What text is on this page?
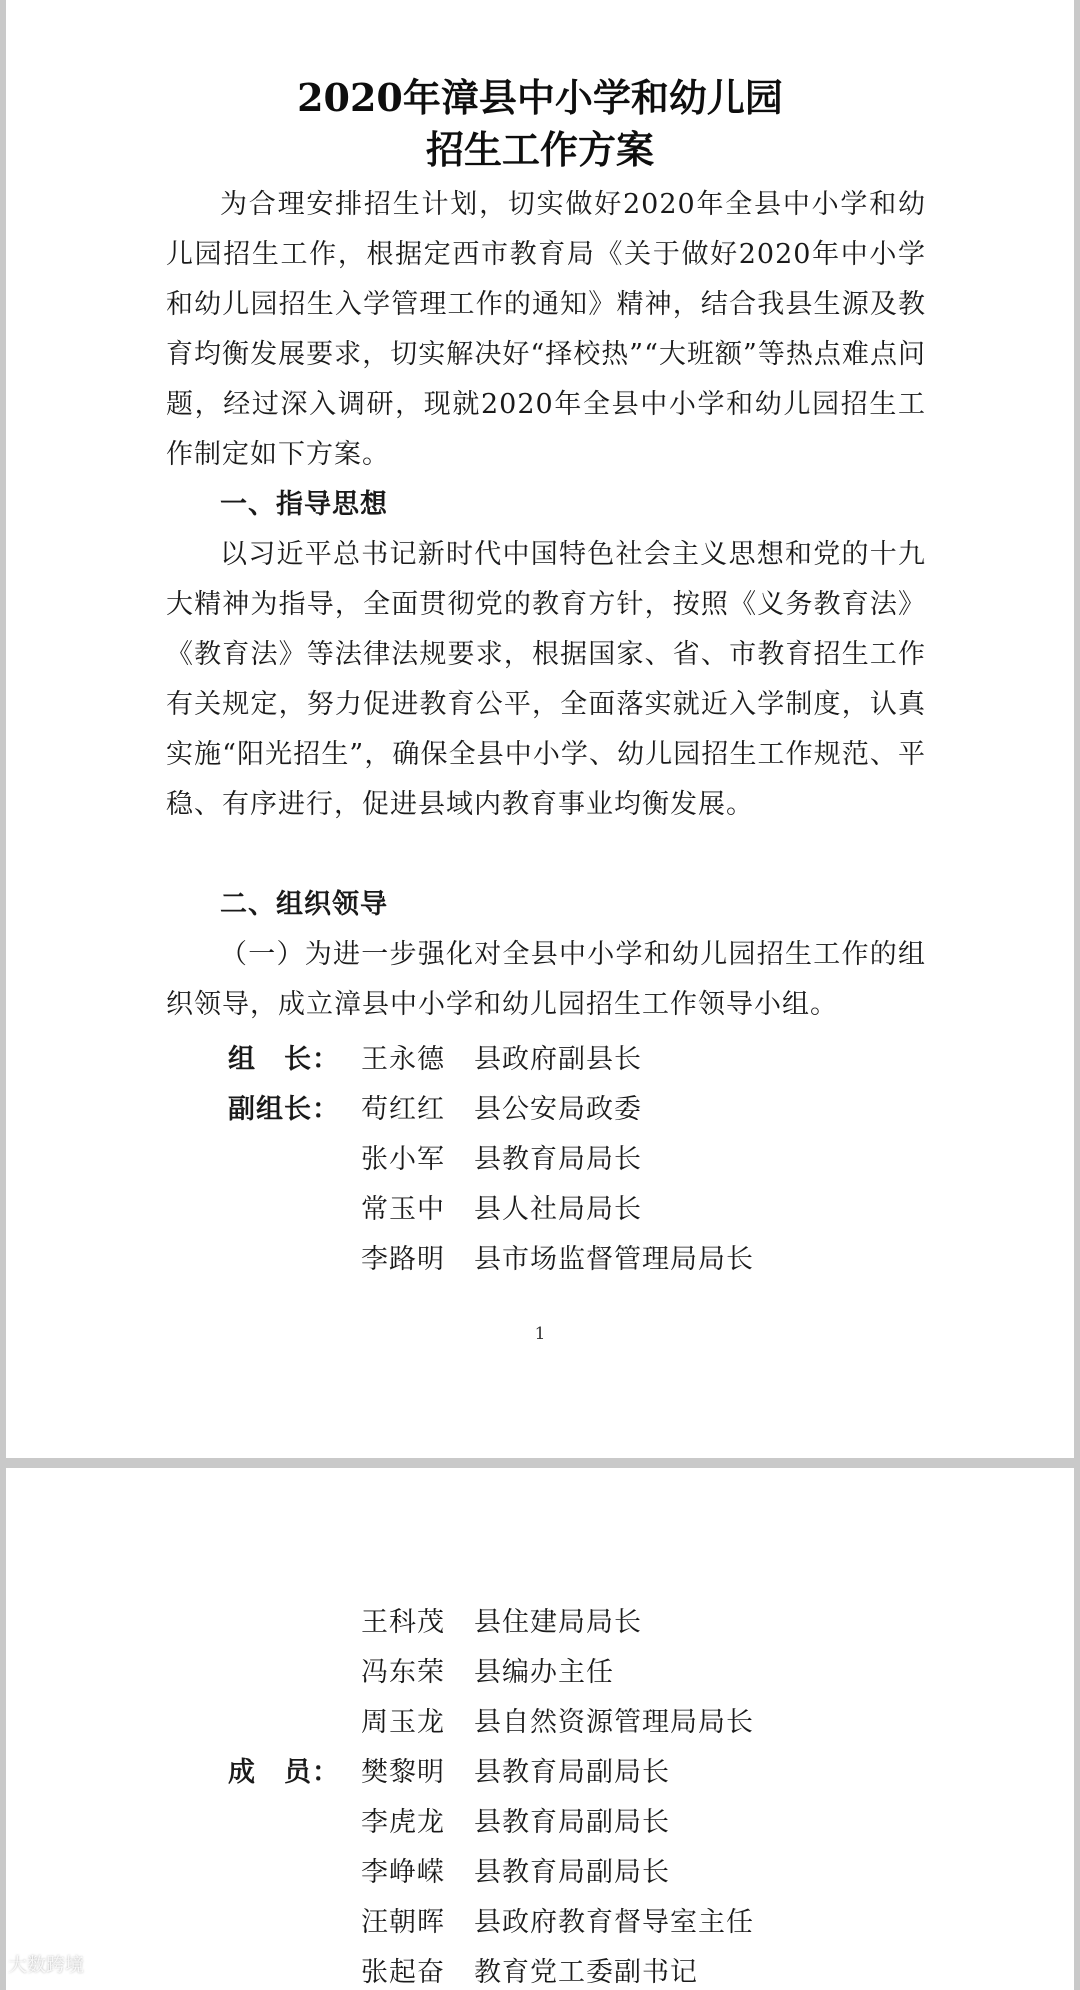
2020年漳县中小学和幼儿园
招生工作方案

为合理安排招生计划，切实做好2020年全县中小学和幼儿园招生工作，根据定西市教育局《关于做好2020年中小学和幼儿园招生入学管理工作的通知》精神，结合我县生源及教育均衡发展要求，切实解决好“择校热”“大班额”等热点难点问题，经过深入调研，现就2020年全县中小学和幼儿园招生工作制定如下方案。

一、指导思想

以习近平总书记新时代中国特色社会主义思想和党的十九大精神为指导，全面贯彻党的教育方针，按照《义务教育法》《教育法》等法律法规要求，根据国家、省、市教育招生工作有关规定，努力促进教育公平，全面落实就近入学制度，认真实施“阳光招生”，确保全县中小学、幼儿园招生工作规范、平稳、有序进行，促进县域内教育事业均衡发展。

二、组织领导

（一）为进一步强化对全县中小学和幼儿园招生工作的组织领导，成立漳县中小学和幼儿园招生工作领导小组。

组　长： 王永德 县政府副县长
副组长： 苟红红 县公安局政委
张小军 县教育局局长
常玉中 县人社局局长
李路明 县市场监督管理局局长
1
王科茂 县住建局局长
冯东荣 县编办主任
周玉龙 县自然资源管理局局长
成　员： 樊黎明 县教育局副局长
李虎龙 县教育局副局长
李峥嵘 县教育局副局长
汪朝晖 县政府教育督导室主任
张起奋 教育党工委副书记
大数跨境
